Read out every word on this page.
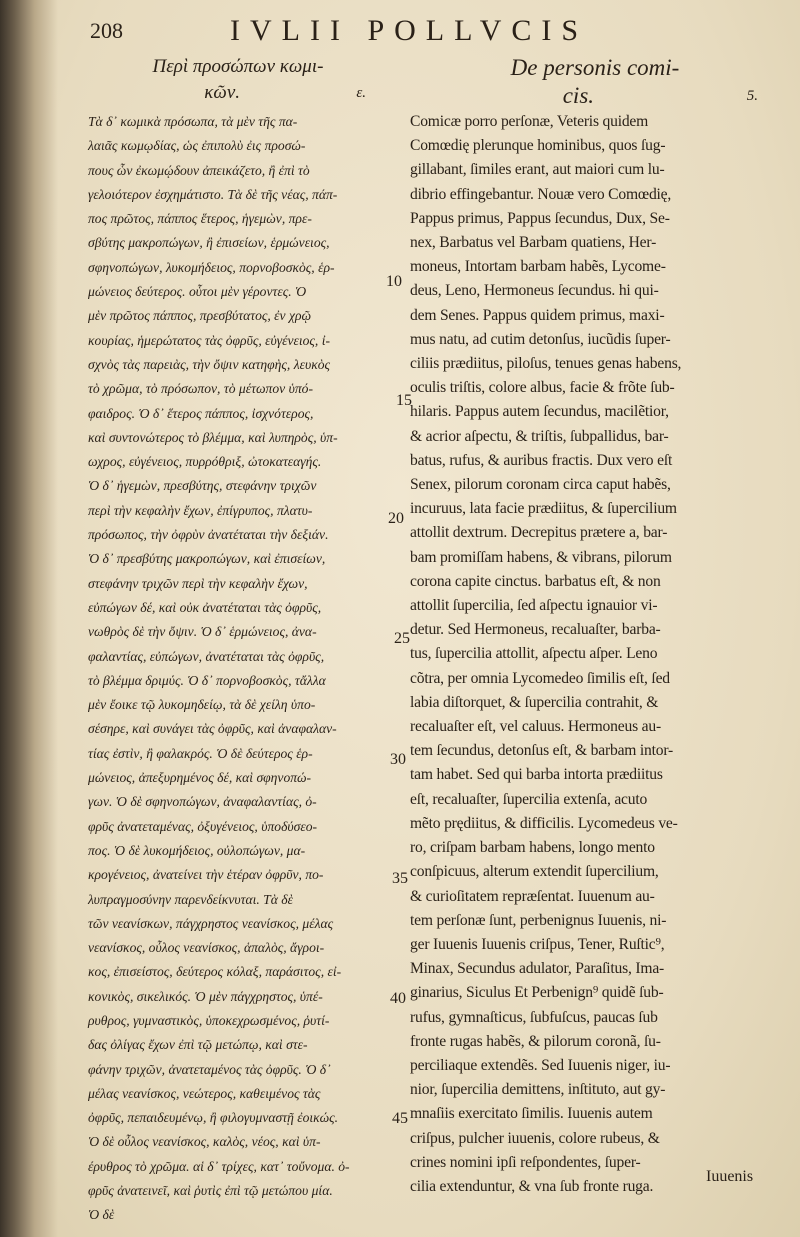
208	IVLII POLLVCIS
Περὶ προσώπων κωμι-
κῶν.	ε.
Τὰ δ᾽ κωμικὰ πρόσωπα, τὰ μὲν τῆς πα-
λαιᾶς κωμῳδίας, ὡς ἐπιπολὺ ἐις προσώ-
πους ὧν ἐκωμῴδουν ἀπεικάζετο, ἢ ἐπὶ τὸ
γελοιότερον ἐσχημάτιστο. Τὰ δὲ τῆς νέας, πάπ-
πος πρῶτος, πάππος ἕτερος, ἡγεμὼν, πρε-
σβύτης μακροπώγων, ἢ ἐπισείων, ἑρμώνειος,
σφηνοπώγων, λυκομήδειος, πορνοβοσκὸς, ἑρ-
μώνειος δεύτερος. οὗτοι μὲν γέροντες. Ὁ
μὲν πρῶτος πάππος, πρεσβύτατος, ἐν χρῷ
κουρίας, ἡμερώτατος τὰς ὀφρῦς, εὐγένειος, ἰ-
σχνὸς τὰς παρειὰς, τὴν ὄψιν κατηφὴς, λευκὸς
τὸ χρῶμα, τὸ πρόσωπον, τὸ μέτωπον ὑπό-
φαιδρος. Ὁ δ᾽ ἕτερος πάππος, ἰσχνότερος,
καὶ συντονώτερος τὸ βλέμμα, καὶ λυπηρὸς, ὑπ-
ωχρος, εὐγένειος, πυρρόθριξ, ὠτοκατεαγής.
Ὁ δ᾽ ἡγεμὼν, πρεσβύτης, στεφάνην τριχῶν
περὶ τὴν κεφαλὴν ἔχων, ἐπίγρυπος, πλατυ-
πρόσωπος, τὴν ὀφρὺν ἀνατέταται τὴν δεξιάν.
Ὁ δ᾽ πρεσβύτης μακροπώγων, καὶ ἐπισείων,
στεφάνην τριχῶν περὶ τὴν κεφαλὴν ἔχων,
εὐπώγων δέ, καὶ οὐκ ἀνατέταται τὰς ὀφρῦς,
νωθρὸς δὲ τὴν ὄψιν. Ὁ δ᾽ ἑρμώνειος, ἀνα-
φαλαντίας, εὐπώγων, ἀνατέταται τὰς ὀφρῦς,
τὸ βλέμμα δριμύς. Ὁ δ᾽ πορνοβοσκὸς, τἄλλα
μὲν ἔοικε τῷ λυκομηδείῳ, τὰ δὲ χείλη ὑπο-
σέσηρε, καὶ συνάγει τὰς ὀφρῦς, καὶ ἀναφαλαν-
τίας ἐστὶν, ἢ φαλακρός. Ὁ δὲ δεύτερος ἑρ-
μώνειος, ἀπεξυρημένος δέ, καὶ σφηνοπώ-
γων. Ὁ δὲ σφηνοπώγων, ἀναφαλαντίας, ὀ-
φρῦς ἀνατεταμένας, ὀξυγένειος, ὑποδύσεο-
πος. Ὁ δὲ λυκομήδειος, οὐλοπώγων, μα-
κρογένειος, ἀνατείνει τὴν ἑτέραν ὀφρῦν, πο-
λυπραγμοσύνην παρενδείκνυται. Τὰ δὲ
τῶν νεανίσκων, πάγχρηστος νεανίσκος, μέλας
νεανίσκος, οὖλος νεανίσκος, ἁπαλὸς, ἄγροι-
κος, ἐπισείστος, δεύτερος κόλαξ, παράσιτος, εἰ-
κονικὸς, σικελικός. Ὁ μὲν πάγχρηστος, ὑπέ-
ρυθρος, γυμναστικὸς, ὑποκεχρωσμένος, ῥυτί-
δας ὀλίγας ἔχων ἐπὶ τῷ μετώπῳ, καὶ στε-
φάνην τριχῶν, ἀνατεταμένος τὰς ὀφρῦς. Ὁ δ᾽
μέλας νεανίσκος, νεώτερος, καθειμένος τὰς
ὀφρῦς, πεπαιδευμένῳ, ἢ φιλογυμναστῇ ἐοικώς.
Ὁ δὲ οὖλος νεανίσκος, καλὸς, νέος, καὶ ὑπ-
έρυθρος τὸ χρῶμα. αἱ δ᾽ τρίχες, κατ᾽ τοὔνομα. ὀ-
φρῦς ἀνατεινεῖ, καὶ ῥυτὶς ἐπὶ τῷ μετώπου μία.
Ὁ δὲ
De personis comi-
cis.	5.
Comicæ porro perſonæ, Veteris quidem
Comœdię plerunque hominibus, quos ſug-
gillabant, ſimiles erant, aut maiori cum lu-
dibrio effingebantur. Nouæ vero Comœdię,
Pappus primus, Pappus ſecundus, Dux, Se-
nex, Barbatus vel Barbam quatiens, Her-
moneus, Intortam barbam habẽs, Lycome-
deus, Leno, Hermoneus ſecundus. hi qui-
dem Senes. Pappus quidem primus, maxi-
mus natu, ad cutim detonſus, iucũdis ſuper-
ciliis prædiitus, piloſus, tenues genas habens,
oculis triſtis, colore albus, facie & frõte ſub-
hilaris. Pappus autem ſecundus, macilẽtior,
& acrior aſpectu, & triſtis, ſubpallidus, bar-
batus, rufus, & auribus fractis. Dux vero eſt
Senex, pilorum coronam circa caput habẽs,
incuruus, lata facie prædiitus, & ſupercilium
attollit dextrum. Decrepitus prætere a, bar-
bam promiſſam habens, & vibrans, pilorum
corona capite cinctus. barbatus eſt, & non
attollit ſupercilia, ſed aſpectu ignauior vi-
detur. Sed Hermoneus, recaluaſter, barba-
tus, ſupercilia attollit, aſpectu aſper. Leno
cõtra, per omnia Lycomedeo ſimilis eſt, ſed
labia diſtorquet, & ſupercilia contrahit, &
recaluaſter eſt, vel caluus. Hermoneus au-
tem ſecundus, detonſus eſt, & barbam intor-
tam habet. Sed qui barba intorta prædiitus
eſt, recaluaſter, ſupercilia extenſa, acuto
mẽto prędiitus, & difficilis. Lycomedeus ve-
ro, criſpam barbam habens, longo mento
conſpicuus, alterum extendit ſupercilium,
& curioſitatem repræſentat. Iuuenum au-
tem perſonæ ſunt, perbenignus Iuuenis, ni-
ger Iuuenis Iuuenis criſpus, Tener, Ruſtic⁹,
Minax, Secundus adulator, Paraſitus, Ima-
ginarius, Siculus Et Perbenign⁹ quidẽ ſub-
rufus, gymnaſticus, ſubfuſcus, paucas ſub
fronte rugas habẽs, & pilorum coronã, ſu-
perciliaque extendẽs. Sed Iuuenis niger, iu-
nior, ſupercilia demittens, inſtituto, aut gy-
mnaſiis exercitato ſimilis. Iuuenis autem
criſpus, pulcher iuuenis, colore rubeus, &
crines nomini ipſi reſpondentes, ſuper-
cilia extenduntur, & vna ſub fronte ruga.
10
15
20
25
30
35
40
45
Iuuenis
